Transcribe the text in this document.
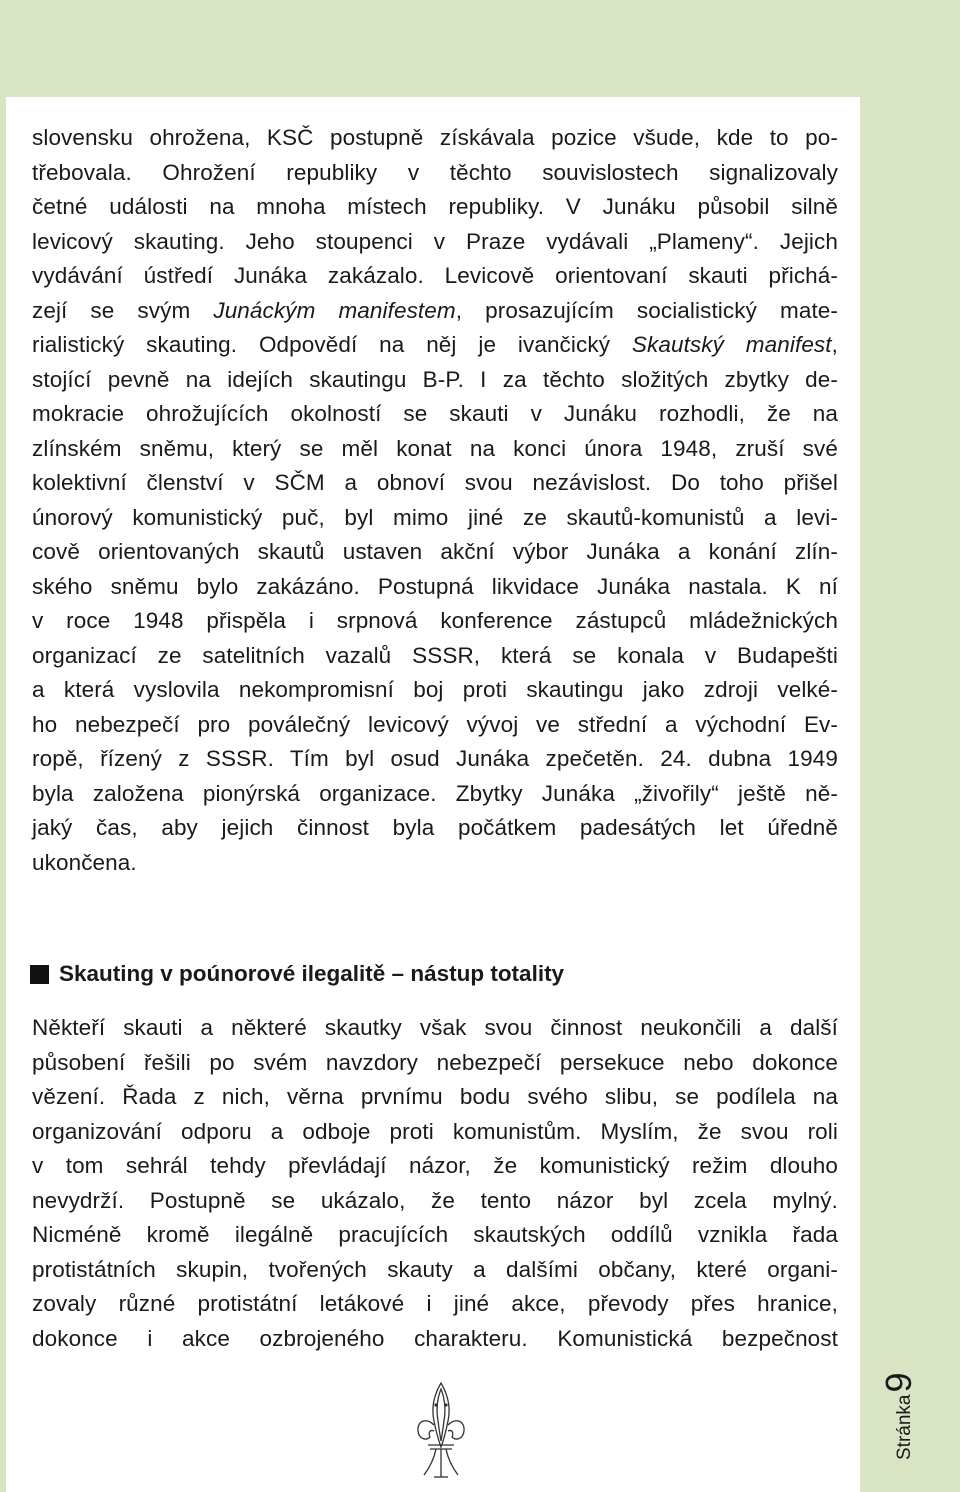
slovensku ohrožena, KSČ postupně získávala pozice všude, kde to po-
třebovala. Ohrožení republiky v těchto souvislostech signalizovaly
četné události na mnoha místech republiky. V Junáku působil silně
levicový skauting. Jeho stoupenci v Praze vydávali „Plameny“. Jejich
vydávání ústředí Junáka zakázalo. Levicově orientovaní skauti přichá-
zejí se svým Junáckým manifestem, prosazujícím socialistický mate-
rialistický skauting. Odpovědí na něj je ivančický Skautský manifest,
stojící pevně na idejích skautingu B-P. I za těchto složitých zbytky de-
mokracie ohrožujících okolností se skauti v Junáku rozhodli, že na
zlínském sněmu, který se měl konat na konci února 1948, zruší své
kolektivní členství v SČM a obnoví svou nezávislost. Do toho přišel
únorový komunistický puč, byl mimo jiné ze skautů-komunistů a levi-
cově orientovaných skautů ustaven akční výbor Junáka a konání zlín-
ského sněmu bylo zakázáno. Postupná likvidace Junáka nastala. K ní
v roce 1948 přispěla i srpnová konference zástupců mládežnických
organizací ze satelitních vazalů SSSR, která se konala v Budapešti
a která vyslovila nekompromisní boj proti skautingu jako zdroji velké-
ho nebezpečí pro poválečný levicový vývoj ve střední a východní Ev-
ropě, řízený z SSSR. Tím byl osud Junáka zpečetěn. 24. dubna 1949
byla založena pionýrská organizace. Zbytky Junáka „živořily“ ještě ně-
jaký čas, aby jejich činnost byla počátkem padesátých let úředně
ukončena.
Skauting v poúnorové ilegalitě – nástup totality
Někteří skauti a některé skautky však svou činnost neukončili a další
působení řešili po svém navzdory nebezpečí persekuce nebo dokonce
vězení. Řada z nich, věrna prvnímu bodu svého slibu, se podílela na
organizování odporu a odboje proti komunistům. Myslím, že svou roli
v tom sehrál tehdy převládají názor, že komunistický režim dlouho
nevydrží. Postupně se ukázalo, že tento názor byl zcela mylný.
Nicméně kromě ilegálně pracujících skautských oddílů vznikla řada
protistátních skupin, tvořených skauty a dalšími občany, které organi-
zovaly různé protistátní letákové i jiné akce, převody přes hranice,
dokonce i akce ozbrojeného charakteru. Komunistická bezpečnost
Stránka
9
